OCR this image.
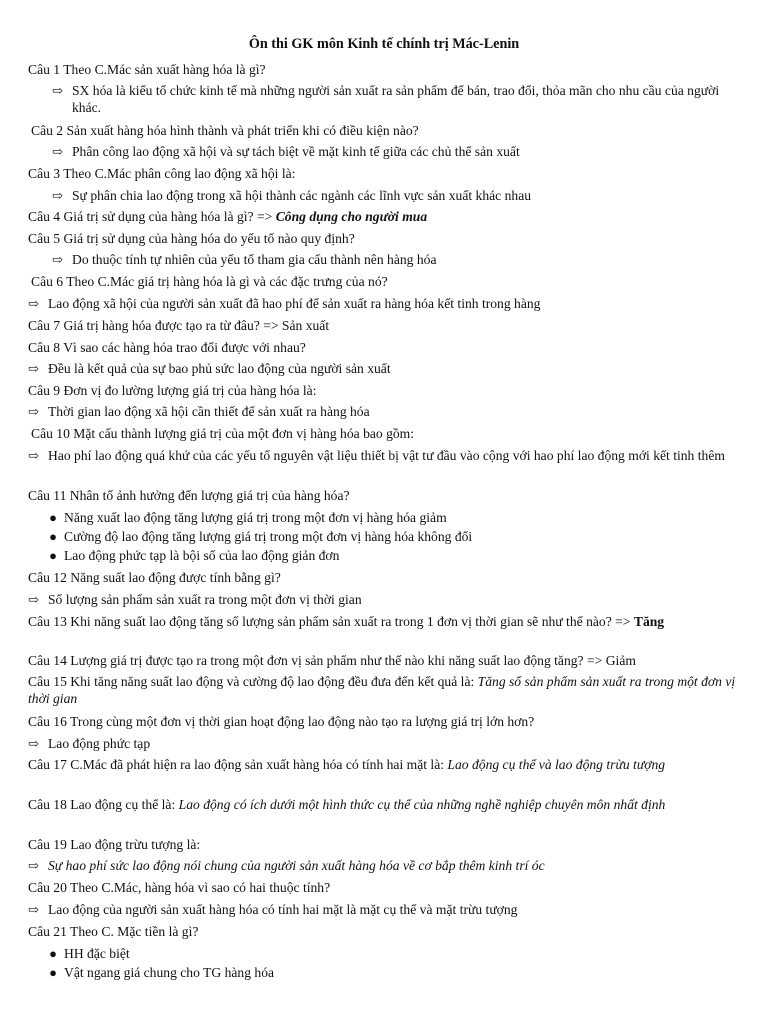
Ôn thi GK môn Kinh tế chính trị Mác-Lenin
Câu 1 Theo C.Mác sản xuất hàng hóa là gì?
⇨ SX hóa là kiểu tổ chức kinh tế mà những người sản xuất ra sản phẩm để bán, trao đổi, thỏa mãn cho nhu cầu của người khác.
Câu 2 Sản xuất hàng hóa hình thành và phát triển khi có điều kiện nào?
⇨ Phân công lao động xã hội và sự tách biệt về mặt kinh tế giữa các chủ thể sản xuất
Câu 3 Theo C.Mác phân công lao động xã hội là:
⇨ Sự phân chia lao động trong xã hội thành các ngành các lĩnh vực sản xuất khác nhau
Câu 4 Giá trị sử dụng của hàng hóa là gì? => Công dụng cho người mua
Câu 5 Giá trị sử dụng của hàng hóa do yếu tố nào quy định?
⇨ Do thuộc tính tự nhiên của yếu tố tham gia cấu thành nên hàng hóa
Câu 6 Theo C.Mác giá trị hàng hóa là gì và các đặc trưng của nó?
⇨ Lao động xã hội của người sản xuất đã hao phí để sản xuất ra hàng hóa kết tinh trong hàng
Câu 7 Giá trị hàng hóa được tạo ra từ đâu? => Sản xuất
Câu 8 Vì sao các hàng hóa trao đổi được với nhau?
⇨ Đều là kết quả của sự bao phủ sức lao động của người sản xuất
Câu 9 Đơn vị đo lường lượng giá trị của hàng hóa là:
⇨ Thời gian lao động xã hội cần thiết để sản xuất ra hàng hóa
Câu 10 Mặt cấu thành lượng giá trị của một đơn vị hàng hóa bao gồm:
⇨ Hao phí lao động quá khứ của các yếu tố nguyên vật liệu thiết bị vật tư đầu vào cộng với hao phí lao động mới kết tinh thêm
Câu 11 Nhân tố ảnh hưởng đến lượng giá trị của hàng hóa?
● Năng xuất lao động tăng lượng giá trị trong một đơn vị hàng hóa giảm
● Cường độ lao động tăng lượng giá trị trong một đơn vị hàng hóa không đổi
● Lao động phức tạp là bội số của lao động giản đơn
Câu 12 Năng suất lao động được tính bằng gì?
⇨ Số lượng sản phẩm sản xuất ra trong một đơn vị thời gian
Câu 13 Khi năng suất lao động tăng số lượng sản phẩm sản xuất ra trong 1 đơn vị thời gian sẽ như thế nào? => Tăng
Câu 14 Lượng giá trị được tạo ra trong một đơn vị sản phẩm như thế nào khi năng suất lao động tăng? => Giảm
Câu 15 Khi tăng năng suất lao động và cường độ lao động đều đưa đến kết quả là: Tăng số sản phẩm sản xuất ra trong một đơn vị thời gian
Câu 16 Trong cùng một đơn vị thời gian hoạt động lao động nào tạo ra lượng giá trị lớn hơn?
⇨ Lao động phức tạp
Câu 17 C.Mác đã phát hiện ra lao động sản xuất hàng hóa có tính hai mặt là: Lao động cụ thể và lao động trừu tượng
Câu 18 Lao động cụ thể là: Lao động có ích dưới một hình thức cụ thể của những nghề nghiệp chuyên môn nhất định
Câu 19 Lao động trừu tượng là:
⇨ Sự hao phí sức lao động nói chung của người sản xuất hàng hóa về cơ bắp thêm kinh trí óc
Câu 20 Theo C.Mác, hàng hóa vì sao có hai thuộc tính?
⇨ Lao động của người sản xuất hàng hóa có tính hai mặt là mặt cụ thể và mặt trừu tượng
Câu 21 Theo C. Mặc tiền là gì?
● HH đặc biệt
● Vật ngang giá chung cho TG hàng hóa
